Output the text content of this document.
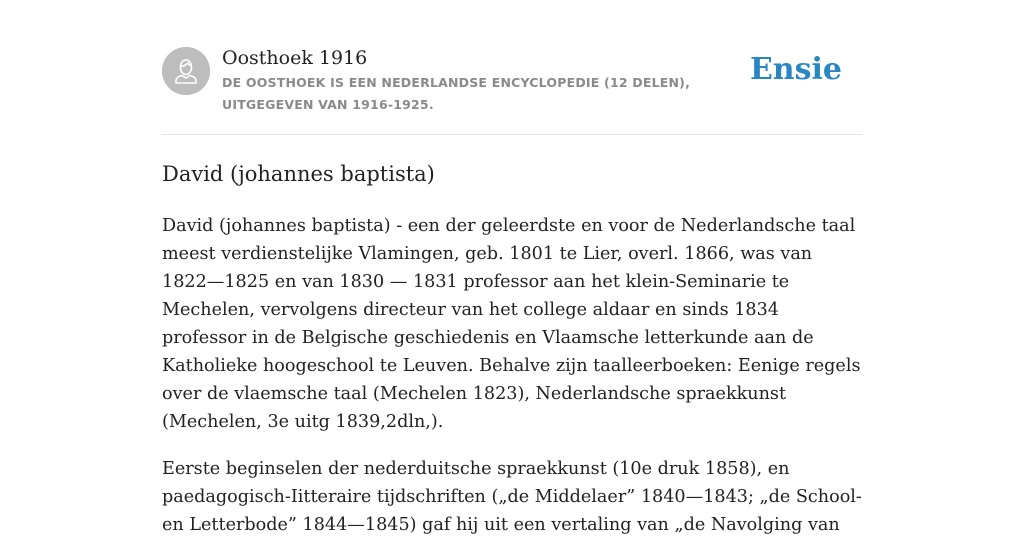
Oosthoek 1916
DE OOSTHOEK IS EEN NEDERLANDSE ENCYCLOPEDIE (12 DELEN), UITGEGEVEN VAN 1916-1925.
Ensie
David (johannes baptista)

David (johannes baptista) - een der geleerdste en voor de Nederlandsche taal meest verdienstelijke Vlamingen, geb. 1801 te Lier, overl. 1866, was van 1822—1825 en van 1830 — 1831 professor aan het klein-Seminarie te Mechelen, vervolgens directeur van het college aldaar en sinds 1834 professor in de Belgische geschiedenis en Vlaamsche letterkunde aan de Katholieke hoogeschool te Leuven. Behalve zijn taalleerboeken: Eenige regels over de vlaemsche taal (Mechelen 1823), Nederlandsche spraekkunst (Mechelen, 3e uitg 1839,2dln,).

Eerste beginselen der nederduitsche spraekkunst (10e druk 1858), en paedagogisch-Iitteraire tijdschriften („de Middelaer” 1840—1843; „de School- en Letterbode” 1844—1845) gaf hij uit een vertaling van „de Navolging van
